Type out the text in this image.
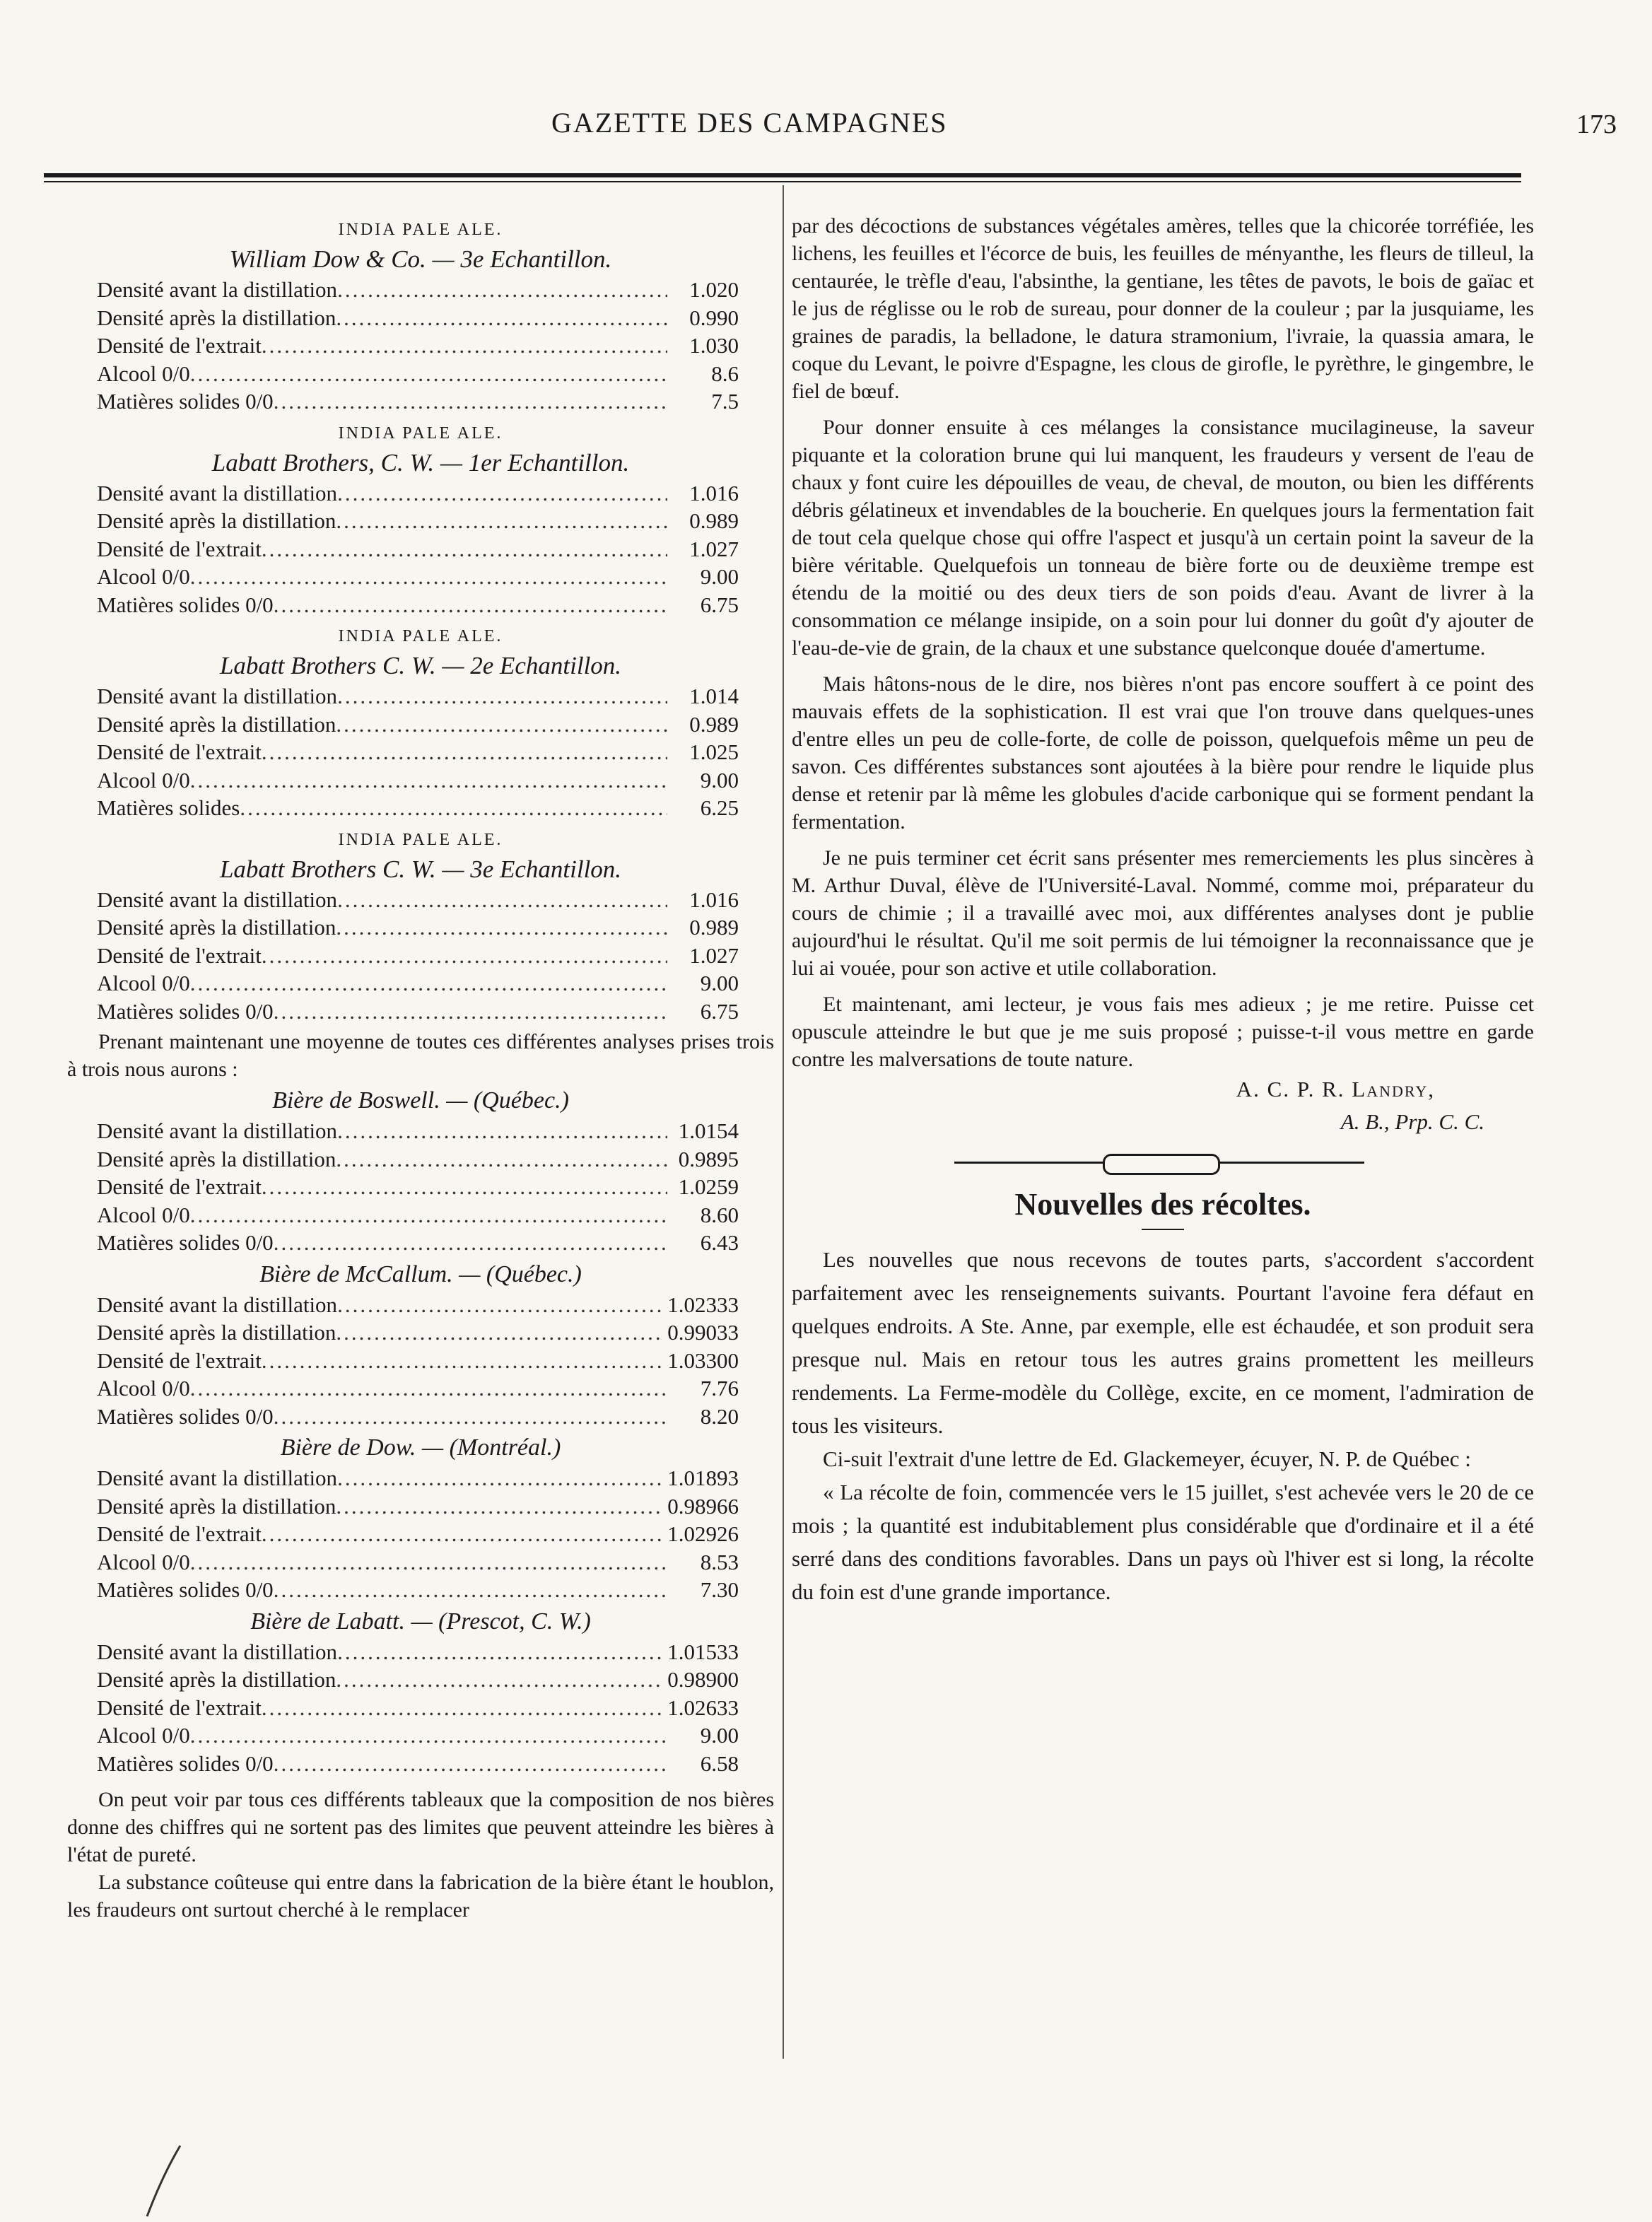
GAZETTE DES CAMPAGNES	173
INDIA PALE ALE.
William Dow & Co. — 3e Echantillon.
Densité avant la distillation .....	1.020
Densité après la distillation .....	0.990
Densité de l'extrait .....	1.030
Alcool 0/0 .....	8.6
Matières solides 0/0 .....	7.5
INDIA PALE ALE.
Labatt Brothers, C. W. — 1er Echantillon.
Densité avant la distillation .....	1.016
Densité après la distillation .....	0.989
Densité de l'extrait .....	1.027
Alcool 0/0 .....	9.00
Matières solides 0/0 .....	6.75
INDIA PALE ALE.
Labatt Brothers C. W. — 2e Echantillon.
Densité avant la distillation .....	1.014
Densité après la distillation .....	0.989
Densité de l'extrait .....	1.025
Alcool 0/0 .....	9.00
Matières solides .....	6.25
INDIA PALE ALE.
Labatt Brothers C. W. — 3e Echantillon.
Densité avant la distillation .....	1.016
Densité après la distillation .....	0.989
Densité de l'extrait .....	1.027
Alcool 0/0 .....	9.00
Matières solides 0/0 .....	6.75

Prenant maintenant une moyenne de toutes ces différentes analyses prises trois à trois nous aurons :

Bière de Boswell. — (Québec.)
Densité avant la distillation .....	1.0154
Densité après la distillation .....	0.9895
Densité de l'extrait .....	1.0259
Alcool 0/0 .....	8.60
Matières solides 0/0 .....	6.43
Bière de McCallum. — (Québec.)
Densité avant la distillation .....	1.02333
Densité après la distillation .....	0.99033
Densité de l'extrait .....	1.03300
Alcool 0/0 .....	7.76
Matières solides 0/0 .....	8.20
Bière de Dow. — (Montréal.)
Densité avant la distillation .....	1.01893
Densité après la distillation .....	0.98966
Densité de l'extrait .....	1.02926
Alcool 0/0 .....	8.53
Matières solides 0/0 .....	7.30
Bière de Labatt. — (Prescot, C. W.)
Densité avant la distillation .....	1.01533
Densité après la distillation .....	0.98900
Densité de l'extrait .....	1.02633
Alcool 0/0 .....	9.00
Matières solides 0/0 .....	6.58

On peut voir par tous ces différents tableaux que la composition de nos bières donne des chiffres qui ne sortent pas des limites que peuvent atteindre les bières à l'état de pureté.

La substance coûteuse qui entre dans la fabrication de la bière étant le houblon, les fraudeurs ont surtout cherché à le remplacer

par des décoctions de substances végétales amères, telles que la chicorée torréfiée, les lichens, les feuilles et l'écorce de buis, les feuilles de ményanthe, les fleurs de tilleul, la centaurée, le trèfle d'eau, l'absinthe, la gentiane, les têtes de pavots, le bois de gaïac et le jus de réglisse ou le rob de sureau, pour donner de la couleur ; par la jusquiame, les graines de paradis, la belladone, le datura stramonium, l'ivraie, la quassia amara, le coque du Levant, le poivre d'Espagne, les clous de girofle, le pyrèthre, le gingembre, le fiel de bœuf.

Pour donner ensuite à ces mélanges la consistance mucilagineuse, la saveur piquante et la coloration brune qui lui manquent, les fraudeurs y versent de l'eau de chaux y font cuire les dépouilles de veau, de cheval, de mouton, ou bien les différents débris gélatineux et invendables de la boucherie. En quelques jours la fermentation fait de tout cela quelque chose qui offre l'aspect et jusqu'à un certain point la saveur de la bière véritable. Quelquefois un tonneau de bière forte ou de deuxième trempe est étendu de la moitié ou des deux tiers de son poids d'eau. Avant de livrer à la consommation ce mélange insipide, on a soin pour lui donner du goût d'y ajouter de l'eau-de-vie de grain, de la chaux et une substance quelconque douée d'amertume.

Mais hâtons-nous de le dire, nos bières n'ont pas encore souffert à ce point des mauvais effets de la sophistication. Il est vrai que l'on trouve dans quelques-unes d'entre elles un peu de colle-forte, de colle de poisson, quelquefois même un peu de savon. Ces différentes substances sont ajoutées à la bière pour rendre le liquide plus dense et retenir par là même les globules d'acide carbonique qui se forment pendant la fermentation.

Je ne puis terminer cet écrit sans présenter mes remerciements les plus sincères à M. Arthur Duval, élève de l'Université-Laval. Nommé, comme moi, préparateur du cours de chimie ; il a travaillé avec moi, aux différentes analyses dont je publie aujourd'hui le résultat. Qu'il me soit permis de lui témoigner la reconnaissance que je lui ai vouée, pour son active et utile collaboration.

Et maintenant, ami lecteur, je vous fais mes adieux ; je me retire. Puisse cet opuscule atteindre le but que je me suis proposé ; puisse-t-il vous mettre en garde contre les malversations de toute nature.

A. C. P. R. Landry,
A. B., Prp. C. C.
Nouvelles des récoltes.

Les nouvelles que nous recevons de toutes parts, s'accordent s'accordent parfaitement avec les renseignements suivants. Pourtant l'avoine fera défaut en quelques endroits. A Ste. Anne, par exemple, elle est échaudée, et son produit sera presque nul. Mais en retour tous les autres grains promettent les meilleurs rendements. La Ferme-modèle du Collège, excite, en ce moment, l'admiration de tous les visiteurs.

Ci-suit l'extrait d'une lettre de Ed. Glackemeyer, écuyer, N. P. de Québec :

« La récolte de foin, commencée vers le 15 juillet, s'est achevée vers le 20 de ce mois ; la quantité est indubitablement plus considérable que d'ordinaire et il a été serré dans des conditions favorables. Dans un pays où l'hiver est si long, la récolte du foin est d'une grande importance.
